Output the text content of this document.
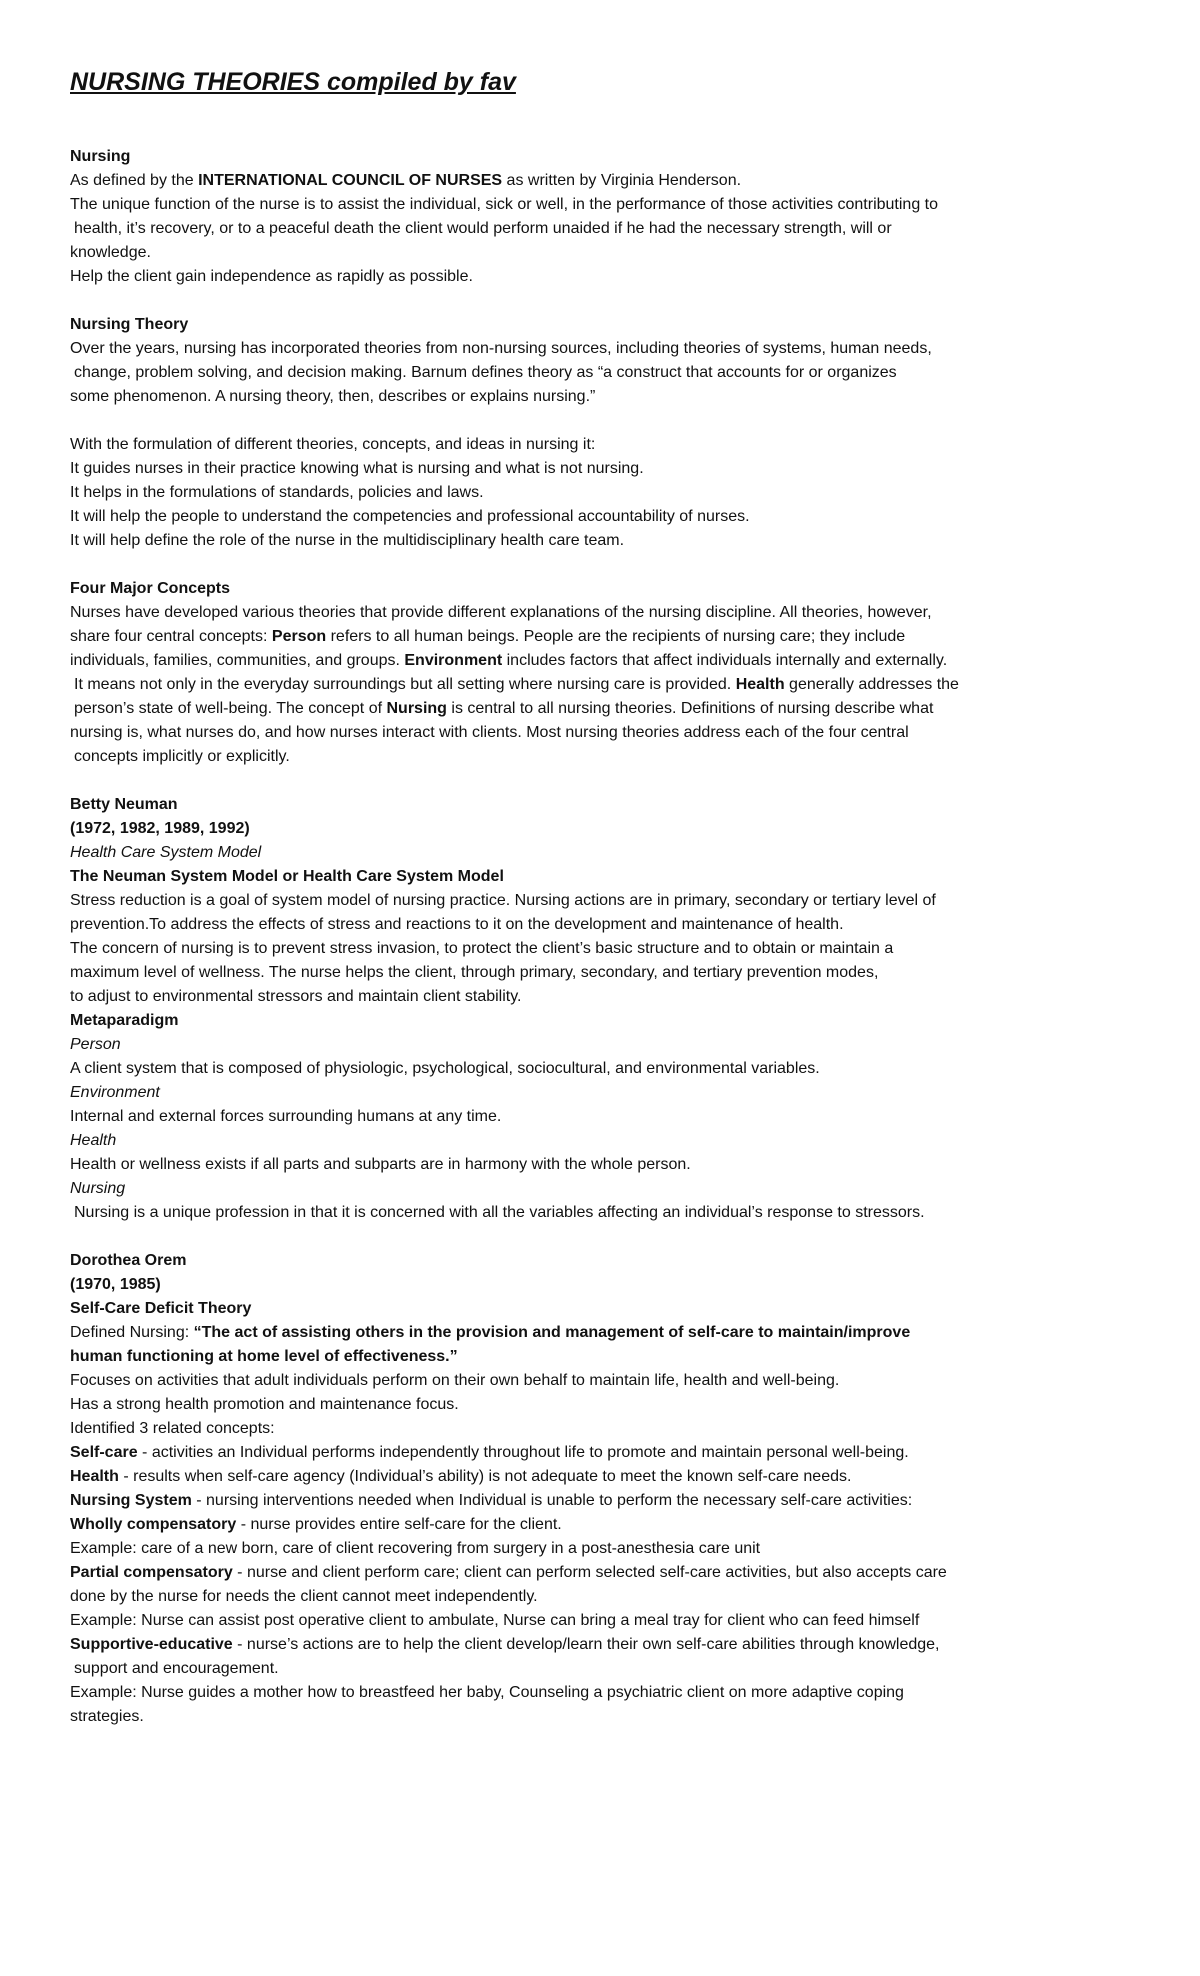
NURSING THEORIES compiled by fav
Nursing
As defined by the INTERNATIONAL COUNCIL OF NURSES as written by Virginia Henderson.
The unique function of the nurse is to assist the individual, sick or well, in the performance of those activities contributing to
health, it’s recovery, or to a peaceful death the client would perform unaided if he had the necessary strength, will or
knowledge.
Help the client gain independence as rapidly as possible.
Nursing Theory
Over the years, nursing has incorporated theories from non-nursing sources, including theories of systems, human needs,
change, problem solving, and decision making. Barnum defines theory as “a construct that accounts for or organizes
some phenomenon. A nursing theory, then, describes or explains nursing.”
With the formulation of different theories, concepts, and ideas in nursing it:
It guides nurses in their practice knowing what is nursing and what is not nursing.
It helps in the formulations of standards, policies and laws.
It will help the people to understand the competencies and professional accountability of nurses.
It will help define the role of the nurse in the multidisciplinary health care team.
Four Major Concepts
Nurses have developed various theories that provide different explanations of the nursing discipline. All theories, however,
share four central concepts: Person refers to all human beings. People are the recipients of nursing care; they include
individuals, families, communities, and groups. Environment includes factors that affect individuals internally and externally.
It means not only in the everyday surroundings but all setting where nursing care is provided. Health generally addresses the
person’s state of well-being. The concept of Nursing is central to all nursing theories. Definitions of nursing describe what
nursing is, what nurses do, and how nurses interact with clients. Most nursing theories address each of the four central
concepts implicitly or explicitly.
Betty Neuman
(1972, 1982, 1989, 1992)
Health Care System Model
The Neuman System Model or Health Care System Model
Stress reduction is a goal of system model of nursing practice. Nursing actions are in primary, secondary or tertiary level of
prevention.To address the effects of stress and reactions to it on the development and maintenance of health.
The concern of nursing is to prevent stress invasion, to protect the client’s basic structure and to obtain or maintain a
maximum level of wellness. The nurse helps the client, through primary, secondary, and tertiary prevention modes,
to adjust to environmental stressors and maintain client stability.
Metaparadigm
Person
A client system that is composed of physiologic, psychological, sociocultural, and environmental variables.
Environment
Internal and external forces surrounding humans at any time.
Health
Health or wellness exists if all parts and subparts are in harmony with the whole person.
Nursing
Nursing is a unique profession in that it is concerned with all the variables affecting an individual’s response to stressors.
Dorothea Orem
(1970, 1985)
Self-Care Deficit Theory
Defined Nursing: “The act of assisting others in the provision and management of self-care to maintain/improve
human functioning at home level of effectiveness.”
Focuses on activities that adult individuals perform on their own behalf to maintain life, health and well-being.
Has a strong health promotion and maintenance focus.
Identified 3 related concepts:
Self-care - activities an Individual performs independently throughout life to promote and maintain personal well-being.
Health - results when self-care agency (Individual’s ability) is not adequate to meet the known self-care needs.
Nursing System - nursing interventions needed when Individual is unable to perform the necessary self-care activities:
Wholly compensatory - nurse provides entire self-care for the client.
Example: care of a new born, care of client recovering from surgery in a post-anesthesia care unit
Partial compensatory - nurse and client perform care; client can perform selected self-care activities, but also accepts care
done by the nurse for needs the client cannot meet independently.
Example: Nurse can assist post operative client to ambulate, Nurse can bring a meal tray for client who can feed himself
Supportive-educative - nurse’s actions are to help the client develop/learn their own self-care abilities through knowledge,
support and encouragement.
Example: Nurse guides a mother how to breastfeed her baby, Counseling a psychiatric client on more adaptive coping
strategies.
